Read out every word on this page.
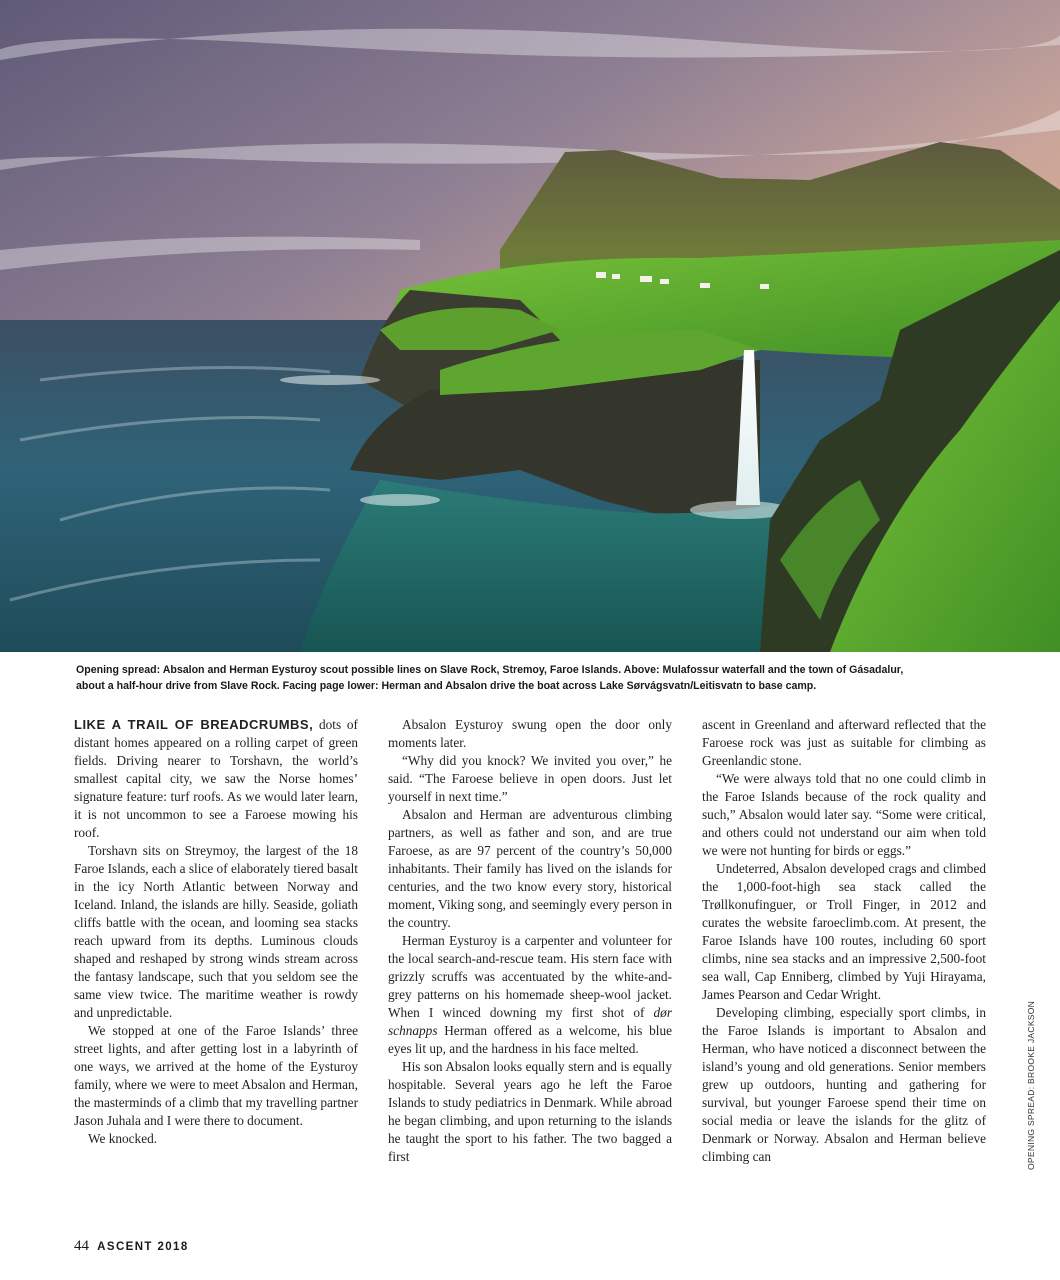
Opening spread: Absalon and Herman Eysturoy scout possible lines on Slave Rock, Stremoy, Faroe Islands. Above: Mulafossur waterfall and the town of Gásadalur,

about a half-hour drive from Slave Rock. Facing page lower: Herman and Absalon drive the boat across Lake Sørvágsvatn/Leitisvatn to base camp.

LIKE A TRAIL OF BREADCRUMBS, dots of distant homes appeared on a rolling carpet of green fields. Driving nearer to Torshavn, the world’s smallest capital city, we saw the Norse homes’ signature feature: turf roofs. As we would later learn, it is not uncommon to see a Faroese mowing his roof.

Torshavn sits on Streymoy, the largest of the 18 Faroe Islands, each a slice of elaborately tiered basalt in the icy North Atlantic between Norway and Iceland. Inland, the islands are hilly. Seaside, goliath cliffs battle with the ocean, and looming sea stacks reach upward from its depths. Luminous clouds shaped and reshaped by strong winds stream across the fantasy landscape, such that you seldom see the same view twice. The maritime weather is rowdy and unpredictable.

We stopped at one of the Faroe Islands’ three street lights, and after getting lost in a labyrinth of one ways, we arrived at the home of the Eysturoy family, where we were to meet Absalon and Herman, the masterminds of a climb that my travelling partner Jason Juhala and I were there to document.

We knocked.

Absalon Eysturoy swung open the door only moments later.

“Why did you knock? We invited you over,” he said. “The Faroese believe in open doors. Just let yourself in next time.”

Absalon and Herman are adventurous climbing partners, as well as father and son, and are true Faroese, as are 97 percent of the country’s 50,000 inhabitants. Their family has lived on the islands for centuries, and the two know every story, historical moment, Viking song, and seemingly every person in the country.

Herman Eysturoy is a carpenter and volunteer for the local search-and-rescue team. His stern face with grizzly scruffs was accentuated by the white-and-grey patterns on his homemade sheep-wool jacket. When I winced downing my first shot of dør schnapps Herman offered as a welcome, his blue eyes lit up, and the hardness in his face melted.

His son Absalon looks equally stern and is equally hospitable. Several years ago he left the Faroe Islands to study pediatrics in Denmark. While abroad he began climbing, and upon returning to the islands he taught the sport to his father. The two bagged a first

ascent in Greenland and afterward reflected that the Faroese rock was just as suitable for climbing as Greenlandic stone.

“We were always told that no one could climb in the Faroe Islands because of the rock quality and such,” Absalon would later say. “Some were critical, and others could not understand our aim when told we were not hunting for birds or eggs.”

Undeterred, Absalon developed crags and climbed the 1,000-foot-high sea stack called the Trøllkonufinguer, or Troll Finger, in 2012 and curates the website faroeclimb.com. At present, the Faroe Islands have 100 routes, including 60 sport climbs, nine sea stacks and an impressive 2,500-foot sea wall, Cap Enniberg, climbed by Yuji Hirayama, James Pearson and Cedar Wright.

Developing climbing, especially sport climbs, in the Faroe Islands is important to Absalon and Herman, who have noticed a disconnect between the island’s young and old generations. Senior members grew up outdoors, hunting and gathering for survival, but younger Faroese spend their time on social media or leave the islands for the glitz of Denmark or Norway. Absalon and Herman believe climbing can	OPENING SPREAD: BROOKE JACKSON
44 ASCENT 2018
